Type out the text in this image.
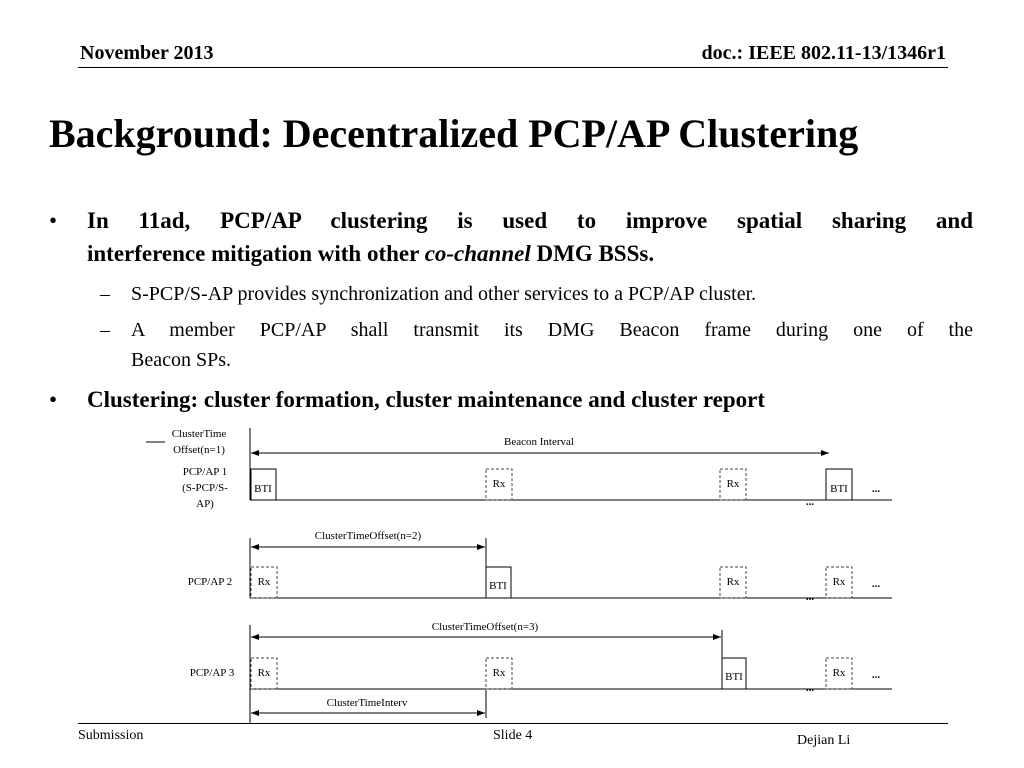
November 2013	doc.: IEEE 802.11-13/1346r1
Background: Decentralized PCP/AP Clustering
• In 11ad, PCP/AP clustering is used to improve spatial sharing and
interference mitigation with other co-channel DMG BSSs.
– S-PCP/S-AP provides synchronization and other services to a PCP/AP cluster.
– A member PCP/AP shall transmit its DMG Beacon frame during one of the
Beacon SPs.
• Clustering: cluster formation, cluster maintenance and cluster report
ClusterTime
Offset(n=1)
Beacon Interval
PCP/AP 1
(S-PCP/S-
AP)
BTI	Rx	Rx
...
BTI ...
ClusterTimeOffset(n=2)
PCP/AP 2 Rx	BTI	Rx
...
Rx ...
ClusterTimeOffset(n=3)
PCP/AP 3 Rx	Rx	BTI
...
Rx ...
ClusterTimeInterv
Submission	Slide 4	Dejian Li
